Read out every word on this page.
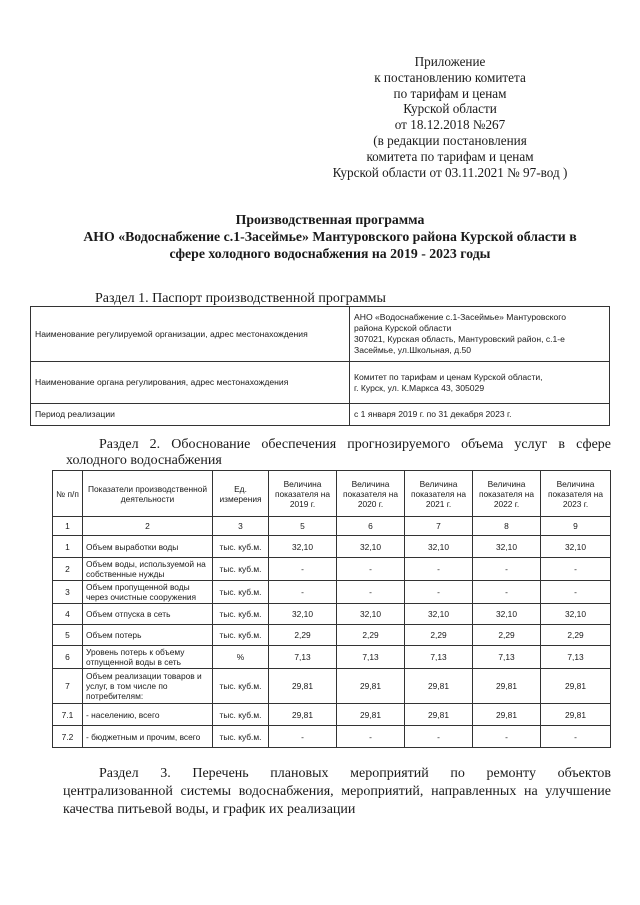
Приложение
к постановлению комитета
по тарифам и ценам
Курской области
от 18.12.2018 №267
(в редакции постановления
комитета по тарифам и ценам
Курской области от 03.11.2021 № 97-вод )
Производственная программа
АНО «Водоснабжение с.1-Засеймье» Мантуровского района Курской области в
сфере холодного водоснабжения на 2019 - 2023 годы
Раздел 1. Паспорт производственной программы
Наименование регулируемой организации, адрес местонахождения	АНО «Водоснабжение с.1-Засеймье» Мантуровского
района Курской области
307021, Курская область, Мантуровский район, с.1-е
Засеймье, ул.Школьная, д.50

Наименование органа регулирования, адрес местонахождения	Комитет по тарифам и ценам Курской области,
г. Курск, ул. К.Маркса 43, 305029

Период реализации	с 1 января 2019 г. по 31 декабря 2023 г.
Раздел 2. Обоснование обеспечения прогнозируемого объема услуг в сфере
холодного водоснабжения
№ п/п	Показатели производственной деятельности	Ед. измерения	Величина показателя на 2019 г.	Величина показателя на 2020 г.	Величина показателя на 2021 г.	Величина показателя на 2022 г.	Величина показателя на 2023 г.
1	2	3	5	6	7	8	9
1	Объем выработки воды	тыс. куб.м.	32,10	32,10	32,10	32,10	32,10
2	Объем воды, используемой на собственные нужды	тыс. куб.м.	-	-	-	-	-
3	Объем пропущенной воды через очистные сооружения	тыс. куб.м.	-	-	-	-	-
4	Объем отпуска в сеть	тыс. куб.м.	32,10	32,10	32,10	32,10	32,10
5	Объем потерь	тыс. куб.м.	2,29	2,29	2,29	2,29	2,29
6	Уровень потерь к объему отпущенной воды в сеть	%	7,13	7,13	7,13	7,13	7,13
7	Объем реализации товаров и услуг, в том числе по потребителям:	тыс. куб.м.	29,81	29,81	29,81	29,81	29,81
7.1	- населению, всего	тыс. куб.м.	29,81	29,81	29,81	29,81	29,81
7.2	- бюджетным и прочим, всего	тыс. куб.м.	-	-	-	-	-
Раздел 3. Перечень плановых мероприятий по ремонту объектов
централизованной системы водоснабжения, мероприятий, направленных на улучшение
качества питьевой воды, и график их реализации
